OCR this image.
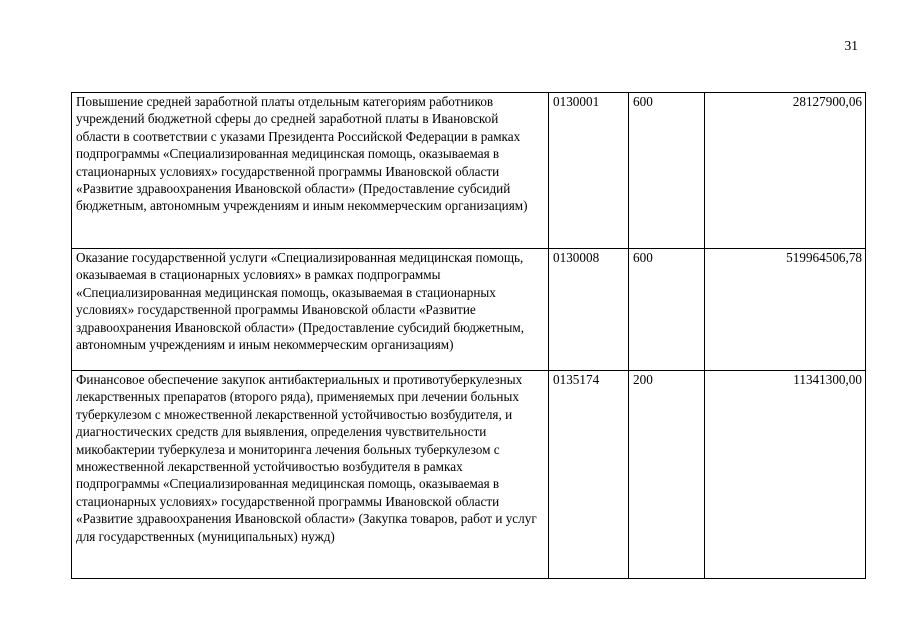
31
Повышение средней заработной платы отдельным категориям работников учреждений бюджетной сферы до средней заработной платы в Ивановской области в соответствии с указами Президента Российской Федерации в рамках подпрограммы «Специализированная медицинская помощь, оказываемая в стационарных условиях» государственной программы Ивановской области «Развитие здравоохранения Ивановской области» (Предоставление субсидий бюджетным, автономным учреждениям и иным некоммерческим организациям)	0130001	600	28127900,06
Оказание государственной услуги «Специализированная медицинская помощь, оказываемая в стационарных условиях» в рамках подпрограммы «Специализированная медицинская помощь, оказываемая в стационарных условиях» государственной программы Ивановской области «Развитие здравоохранения Ивановской области» (Предоставление субсидий бюджетным, автономным учреждениям и иным некоммерческим организациям)	0130008	600	519964506,78
Финансовое обеспечение закупок антибактериальных и противотуберкулезных лекарственных препаратов (второго ряда), применяемых при лечении больных туберкулезом с множественной лекарственной устойчивостью возбудителя, и диагностических средств для выявления, определения чувствительности микобактерии туберкулеза и мониторинга лечения больных туберкулезом с множественной лекарственной устойчивостью возбудителя в рамках подпрограммы «Специализированная медицинская помощь, оказываемая в стационарных условиях» государственной программы Ивановской области «Развитие здравоохранения Ивановской области» (Закупка товаров, работ и услуг для государственных (муниципальных) нужд)	0135174	200	11341300,00
